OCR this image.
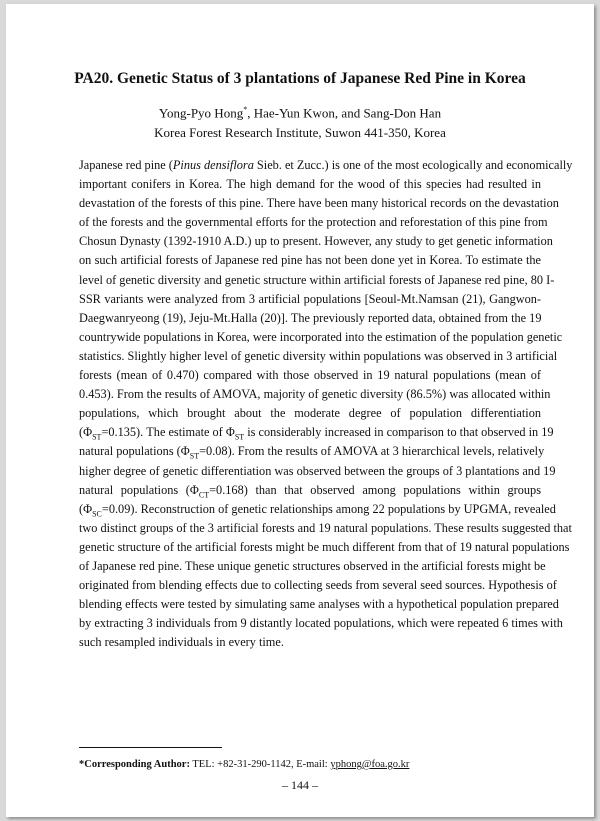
PA20. Genetic Status of 3 plantations of Japanese Red Pine in Korea
Yong-Pyo Hong*, Hae-Yun Kwon, and Sang-Don Han
Korea Forest Research Institute, Suwon 441-350, Korea
Japanese red pine (Pinus densiflora Sieb. et Zucc.) is one of the most ecologically and economically
important conifers in Korea. The high demand for the wood of this species had resulted in
devastation of the forests of this pine. There have been many historical records on the devastation
of the forests and the governmental efforts for the protection and reforestation of this pine from
Chosun Dynasty (1392-1910 A.D.) up to present. However, any study to get genetic information
on such artificial forests of Japanese red pine has not been done yet in Korea. To estimate the
level of genetic diversity and genetic structure within artificial forests of Japanese red pine, 80 I-
SSR variants were analyzed from 3 artificial populations [Seoul-Mt.Namsan (21), Gangwon-
Daegwanryeong (19), Jeju-Mt.Halla (20)]. The previously reported data, obtained from the 19
countrywide populations in Korea, were incorporated into the estimation of the population genetic
statistics. Slightly higher level of genetic diversity within populations was observed in 3 artificial
forests (mean of 0.470) compared with those observed in 19 natural populations (mean of
0.453). From the results of AMOVA, majority of genetic diversity (86.5%) was allocated within
populations, which brought about the moderate degree of population differentiation
$(\Phi_{ST}=0.135)$. The estimate of $\Phi_{ST}$ is considerably increased in comparison to that observed in 19
natural populations $(\Phi_{ST}=0.08)$. From the results of AMOVA at 3 hierarchical levels, relatively
higher degree of genetic differentiation was observed between the groups of 3 plantations and 19
natural populations $(\Phi_{CT}=0.168)$ than that observed among populations within groups
$(\Phi_{SC}=0.09)$. Reconstruction of genetic relationships among 22 populations by UPGMA, revealed
two distinct groups of the 3 artificial forests and 19 natural populations. These results suggested that
genetic structure of the artificial forests might be much different from that of 19 natural populations
of Japanese red pine. These unique genetic structures observed in the artificial forests might be
originated from blending effects due to collecting seeds from several seed sources. Hypothesis of
blending effects were tested by simulating same analyses with a hypothetical population prepared
by extracting 3 individuals from 9 distantly located populations, which were repeated 6 times with
such resampled individuals in every time.
*Corresponding Author: TEL: +82-31-290-1142, E-mail: yphong@foa.go.kr
– 144 –
